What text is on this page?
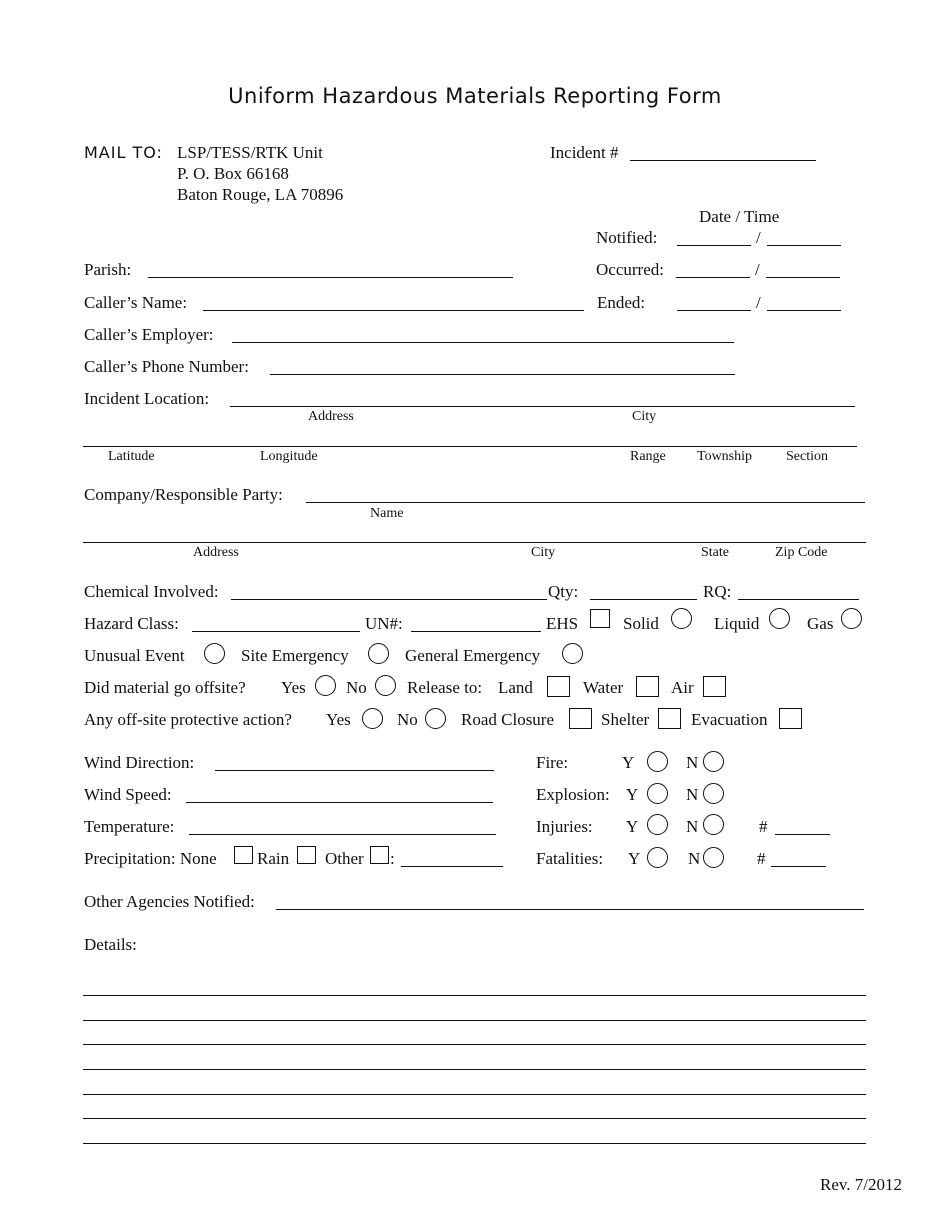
Uniform Hazardous Materials Reporting Form
MAIL TO: LSP/TESS/RTK Unit
P. O. Box 66168
Baton Rouge, LA 70896
Incident #
Date / Time
Notified:	/
Occurred:	/
Ended:	/
Parish:
Caller’s Name:
Caller’s Employer:
Caller’s Phone Number:
Incident Location:
Address	City
Latitude	Longitude	Range Township Section
Company/Responsible Party:
Name
Address	City	State	Zip Code
Chemical Involved:	Qty:	RQ:
Hazard Class:	UN#:	EHS	Solid	Liquid	Gas
Unusual Event	Site Emergency	General Emergency
Did material go offsite? Yes No Release to: Land	Water	Air
Any off-site protective action? Yes	No	Road Closure	Shelter Evacuation
Wind Direction:
Wind Speed:
Temperature:
Precipitation: None Rain Other :
Fire:	Y	N
Explosion: Y	N
Injuries: Y	N	#
Fatalities: Y	N	#
Other Agencies Notified:
Details:
Rev. 7/2012
